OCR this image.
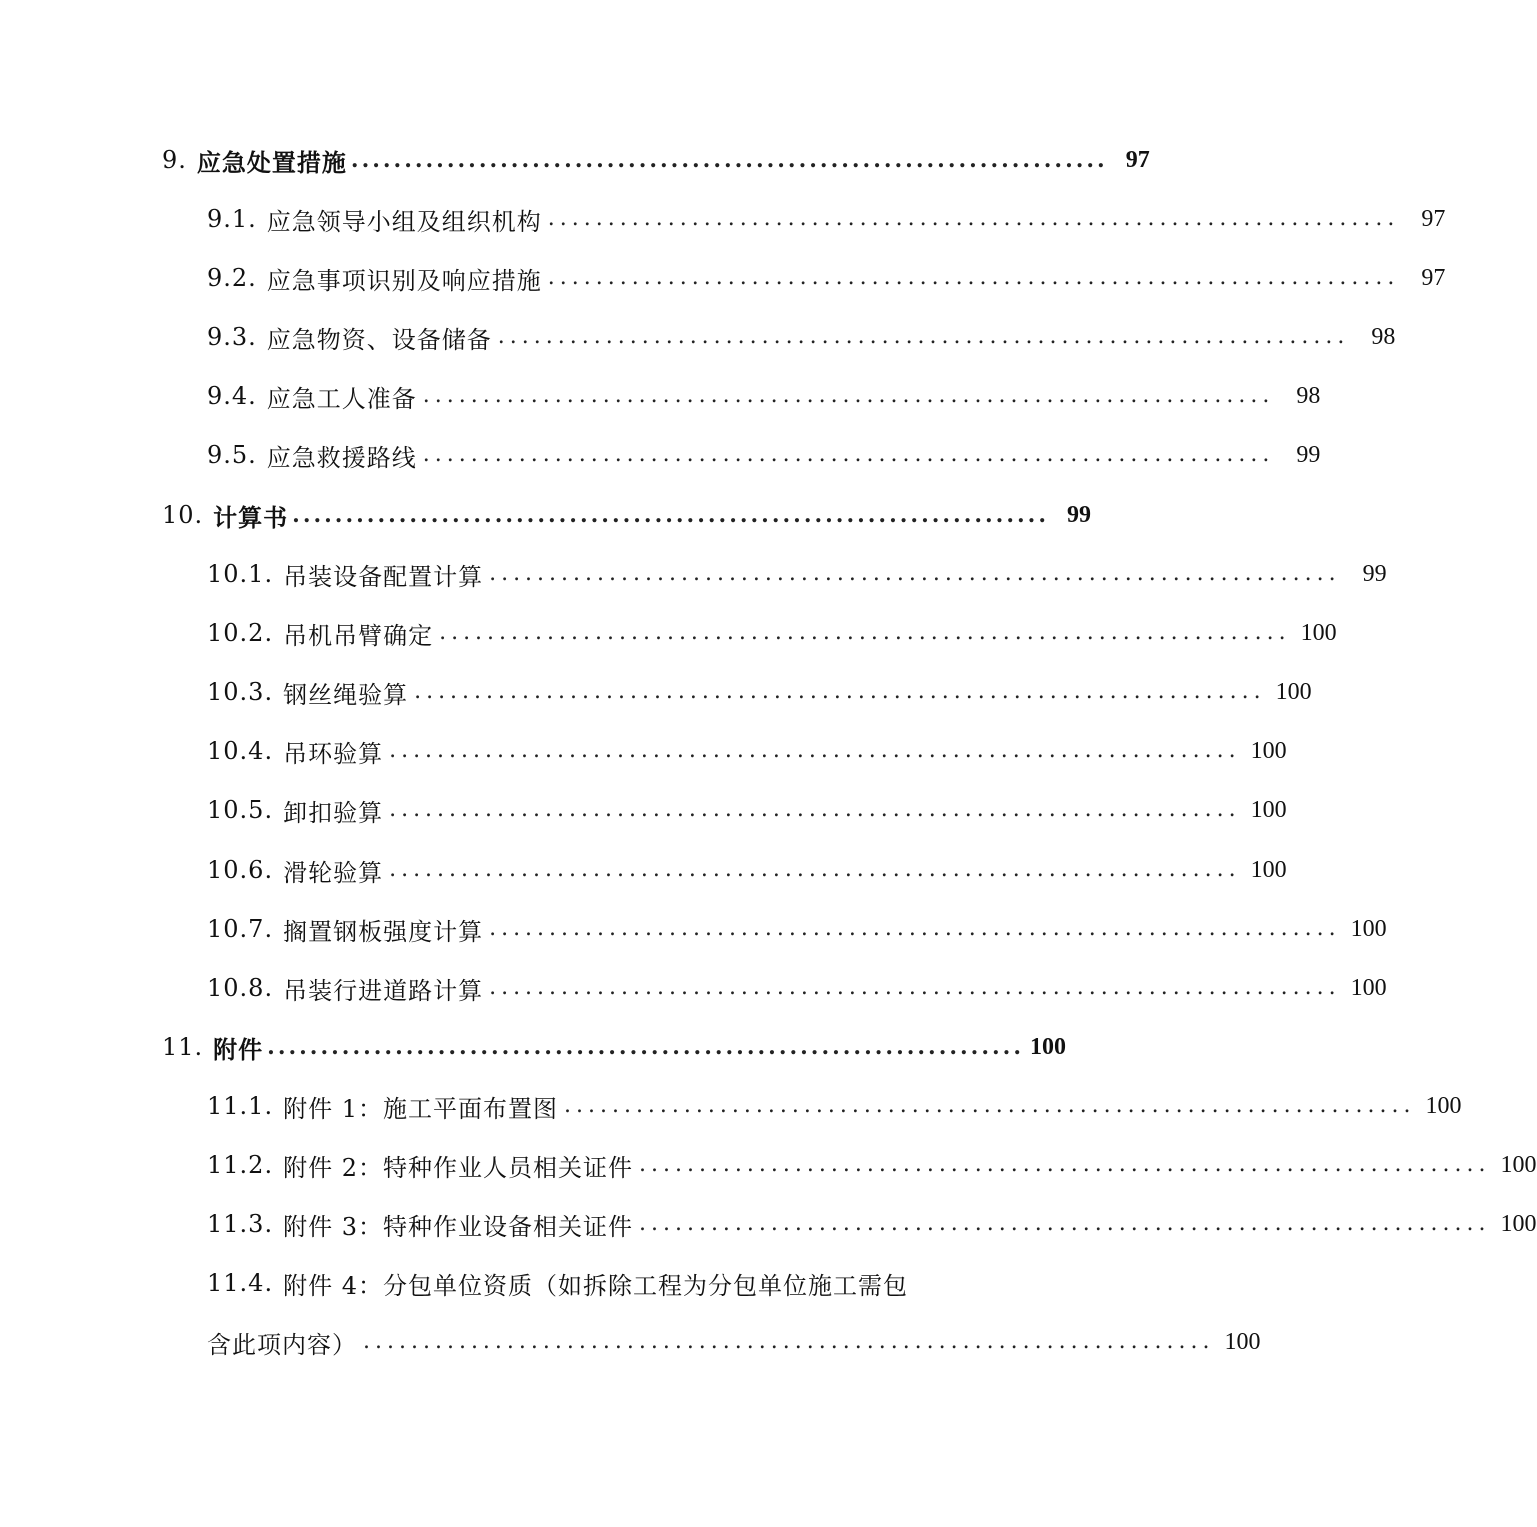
9. 应急处置措施 ....................................................................... 97
9.1. 应急领导小组及组织机构 ....................................................................... 97
9.2. 应急事项识别及响应措施 ....................................................................... 97
9.3. 应急物资、设备储备 ....................................................................... 98
9.4. 应急工人准备 ....................................................................... 98
9.5. 应急救援路线 ....................................................................... 99
10. 计算书 ....................................................................... 99
10.1. 吊装设备配置计算 ....................................................................... 99
10.2. 吊机吊臂确定 ....................................................................... 100
10.3. 钢丝绳验算 ....................................................................... 100
10.4. 吊环验算 ....................................................................... 100
10.5. 卸扣验算 ....................................................................... 100
10.6. 滑轮验算 ....................................................................... 100
10.7. 搁置钢板强度计算 ....................................................................... 100
10.8. 吊装行进道路计算 ....................................................................... 100
11. 附件 ....................................................................... 100
11.1. 附件 1：施工平面布置图 ....................................................................... 100
11.2. 附件 2：特种作业人员相关证件 ....................................................................... 100
11.3. 附件 3：特种作业设备相关证件 ....................................................................... 100
11.4. 附件 4：分包单位资质（如拆除工程为分包单位施工需包
含此项内容） ....................................................................... 100
